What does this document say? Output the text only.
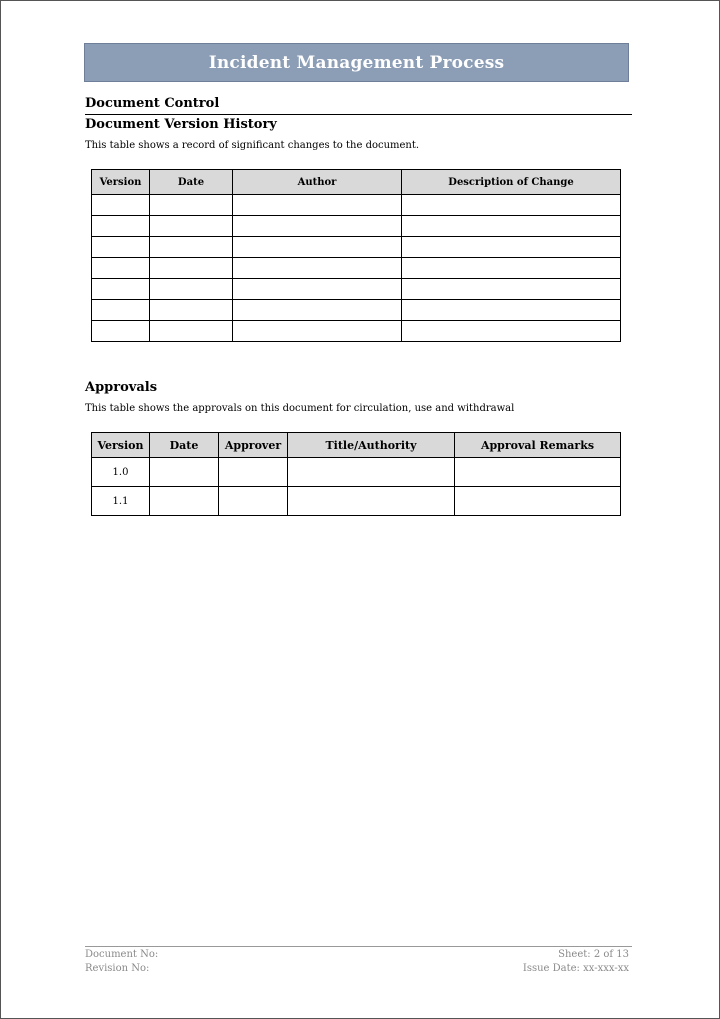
Incident Management Process
Document Control
Document Version History
This table shows a record of significant changes to the document.
Version	Date	Author	Description of Change

Approvals
This table shows the approvals on this document for circulation, use and withdrawal
Version	Date	Approver	Title/Authority	Approval Remarks
1.0				
1.1				
Document No:
Revision No:
Sheet: 2 of 13
Issue Date: xx-xxx-xx
